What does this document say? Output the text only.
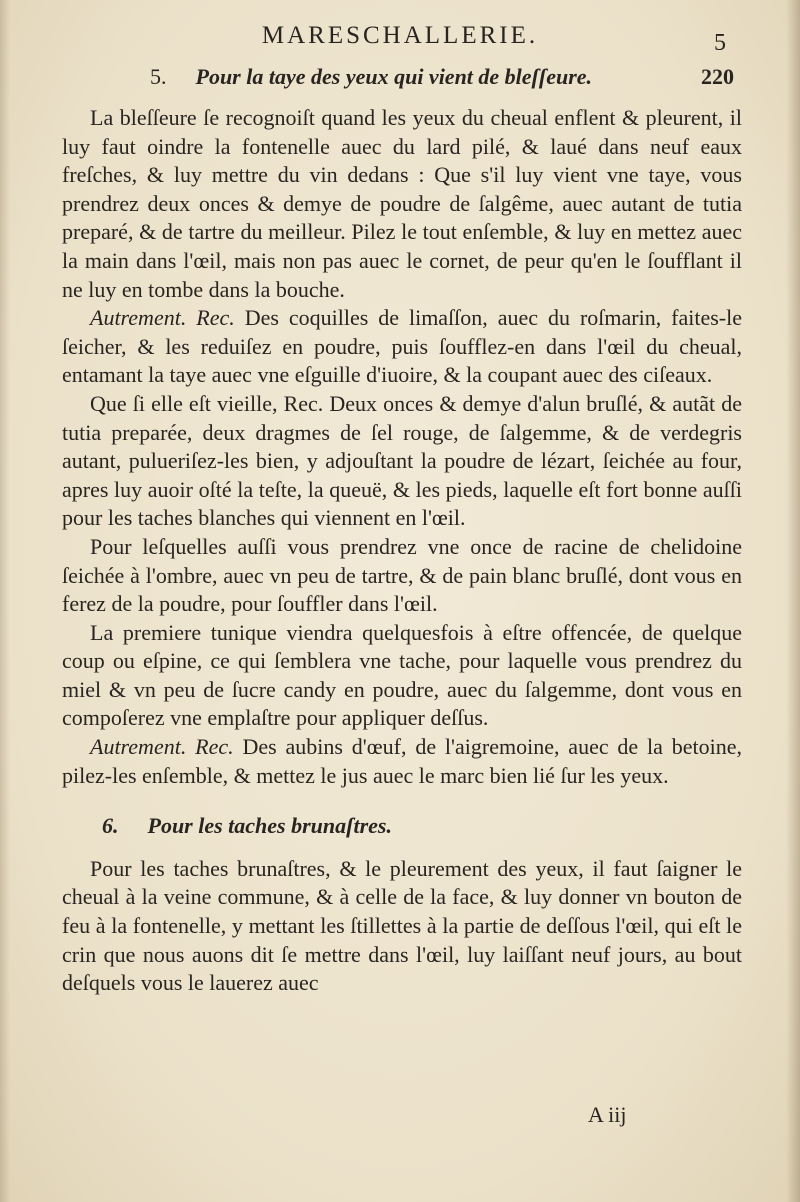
MARESCHALLERIE.	5
5. Pour la taye des yeux qui vient de bleſſeure.	220

La bleſſeure ſe recognoiſt quand les yeux du cheual enflent & pleurent, il luy faut oindre la fontenelle auec du lard pilé, & laué dans neuf eaux freſches, & luy mettre du vin dedans : Que s'il luy vient vne taye, vous prendrez deux onces & demye de poudre de ſalgême, auec autant de tutia preparé, & de tartre du meilleur. Pilez le tout enſemble, & luy en mettez auec la main dans l'œil, mais non pas auec le cornet, de peur qu'en le ſoufflant il ne luy en tombe dans la bouche.

Autrement. Rec. Des coquilles de limaſſon, auec du roſmarin, faites-le ſeicher, & les reduiſez en poudre, puis ſoufflez-en dans l'œil du cheual, entamant la taye auec vne eſguille d'iuoire, & la coupant auec des ciſeaux.

Que ſi elle eſt vieille, Rec. Deux onces & demye d'alun bruſlé, & autãt de tutia preparée, deux dragmes de ſel rouge, de ſalgemme, & de verdegris autant, pulueriſez-les bien, y adjouſtant la poudre de lézart, ſeichée au four, apres luy auoir oſté la teſte, la queuë, & les pieds, laquelle eſt fort bonne auſſi pour les taches blanches qui viennent en l'œil.

Pour leſquelles auſſi vous prendrez vne once de racine de chelidoine ſeichée à l'ombre, auec vn peu de tartre, & de pain blanc bruſlé, dont vous en ferez de la poudre, pour ſouffler dans l'œil.

La premiere tunique viendra quelquesfois à eſtre offencée, de quelque coup ou eſpine, ce qui ſemblera vne tache, pour laquelle vous prendrez du miel & vn peu de ſucre candy en poudre, auec du ſalgemme, dont vous en compoſerez vne emplaſtre pour appliquer deſſus.

Autrement. Rec. Des aubins d'œuf, de l'aigremoine, auec de la betoine, pilez-les enſemble, & mettez le jus auec le marc bien lié ſur les yeux.

6. Pour les taches brunaſtres.

Pour les taches brunaſtres, & le pleurement des yeux, il faut ſaigner le cheual à la veine commune, & à celle de la face, & luy donner vn bouton de feu à la fontenelle, y mettant les ſtillettes à la partie de deſſous l'œil, qui eſt le crin que nous auons dit ſe mettre dans l'œil, luy laiſſant neuf jours, au bout deſquels vous le lauerez auec

A iij
